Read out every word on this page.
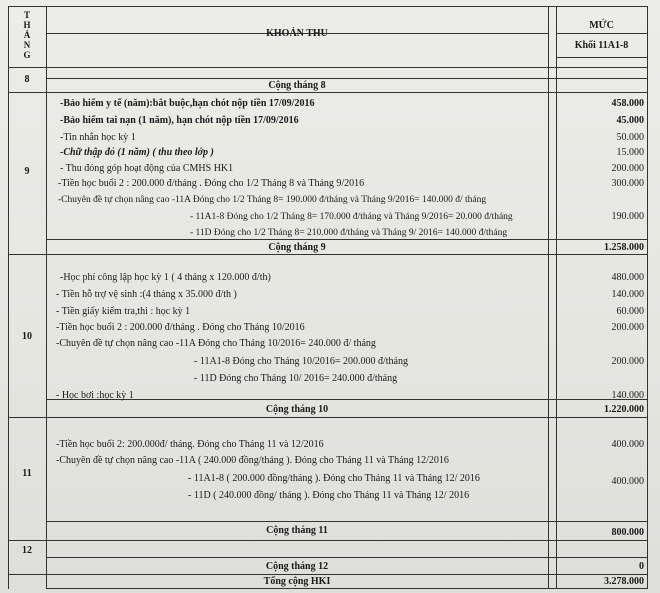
T
H
Á
N
G
KHOẢN THU
MỨC
Khối 11A1-8
8
Cộng tháng 8
9
-Bảo hiểm y tế (năm):bắt buộc,hạn chót nộp tiền 17/09/2016	458.000
-Bảo hiểm tai nạn (1 năm), hạn chót nộp tiền 17/09/2016	45.000
-Tin nhắn học kỳ 1	50.000
-Chữ thập đỏ (1 năm) ( thu theo lớp )	15.000
- Thu đóng góp hoạt động của CMHS HK1	200.000
-Tiền học buổi 2 : 200.000 đ/tháng . Đóng cho 1/2 Tháng 8 và Tháng 9/2016	300.000
-Chuyên đề tự chọn nâng cao -11A Đóng cho 1/2 Tháng 8= 190.000 đ/tháng và Tháng 9/2016= 140.000 đ/ tháng
- 11A1-8 Đóng cho 1/2 Tháng 8= 170.000 đ/tháng và Tháng 9/2016= 20.000 đ/tháng	190.000
- 11D Đóng cho 1/2 Tháng 8= 210.000 đ/tháng và Tháng 9/ 2016= 140.000 đ/tháng
Cộng tháng 9	1.258.000
10
-Học phí công lập học kỳ 1 ( 4 tháng x 120.000 đ/th)	480.000
- Tiền hỗ trợ vệ sinh :(4 tháng x 35.000 đ/th )	140.000
- Tiền giấy kiểm tra,thi : học kỳ 1	60.000
-Tiền học buổi 2 : 200.000 đ/tháng . Đóng cho Tháng 10/2016	200.000
-Chuyên đề tự chọn nâng cao -11A Đóng cho Tháng 10/2016= 240.000 đ/ tháng
- 11A1-8 Đóng cho Tháng 10/2016= 200.000 đ/tháng	200.000
- 11D Đóng cho Tháng 10/ 2016= 240.000 đ/tháng
- Học bơi :học kỳ 1	140.000
Cộng tháng 10	1.220.000
11
-Tiền học buổi 2: 200.000đ/ tháng. Đóng cho Tháng 11 và 12/2016	400.000
-Chuyên đề tự chọn nâng cao -11A ( 240.000 đồng/tháng ). Đóng cho Tháng 11 và Tháng 12/2016
- 11A1-8 ( 200.000 đồng/tháng ). Đóng cho Tháng 11 và Tháng 12/ 2016	400.000
- 11D ( 240.000 đồng/ tháng ). Đóng cho Tháng 11 và Tháng 12/ 2016
Cộng tháng 11	800.000
12
Cộng tháng 12	0
Tổng cộng HKI	3.278.000
